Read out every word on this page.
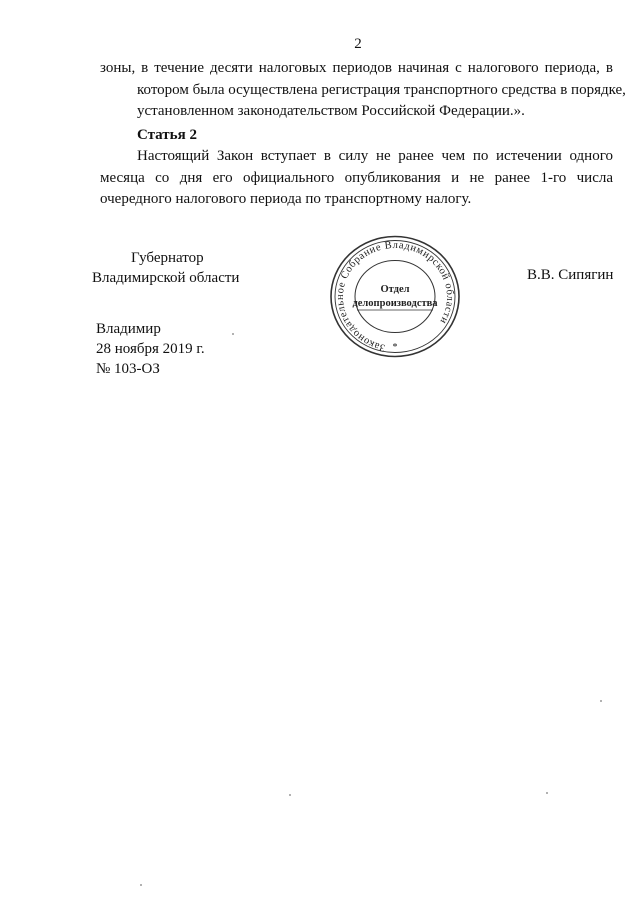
2
зоны, в течение десяти налоговых периодов начиная с налогового периода, в
котором была осуществлена регистрация транспортного средства в порядке,
установленном законодательством Российской Федерации.».
Статья 2
Настоящий Закон вступает в силу не ранее чем по истечении одного
месяца со дня его официального опубликования и не ранее 1-го числа
очередного налогового периода по транспортному налогу.
Губернатор
Владимирской области	В.В. Сипягин
Законодательное Собрание Владимирской области
*
Отдел
делопроизводства
Владимир
28 ноября 2019 г.
№ 103-ОЗ
